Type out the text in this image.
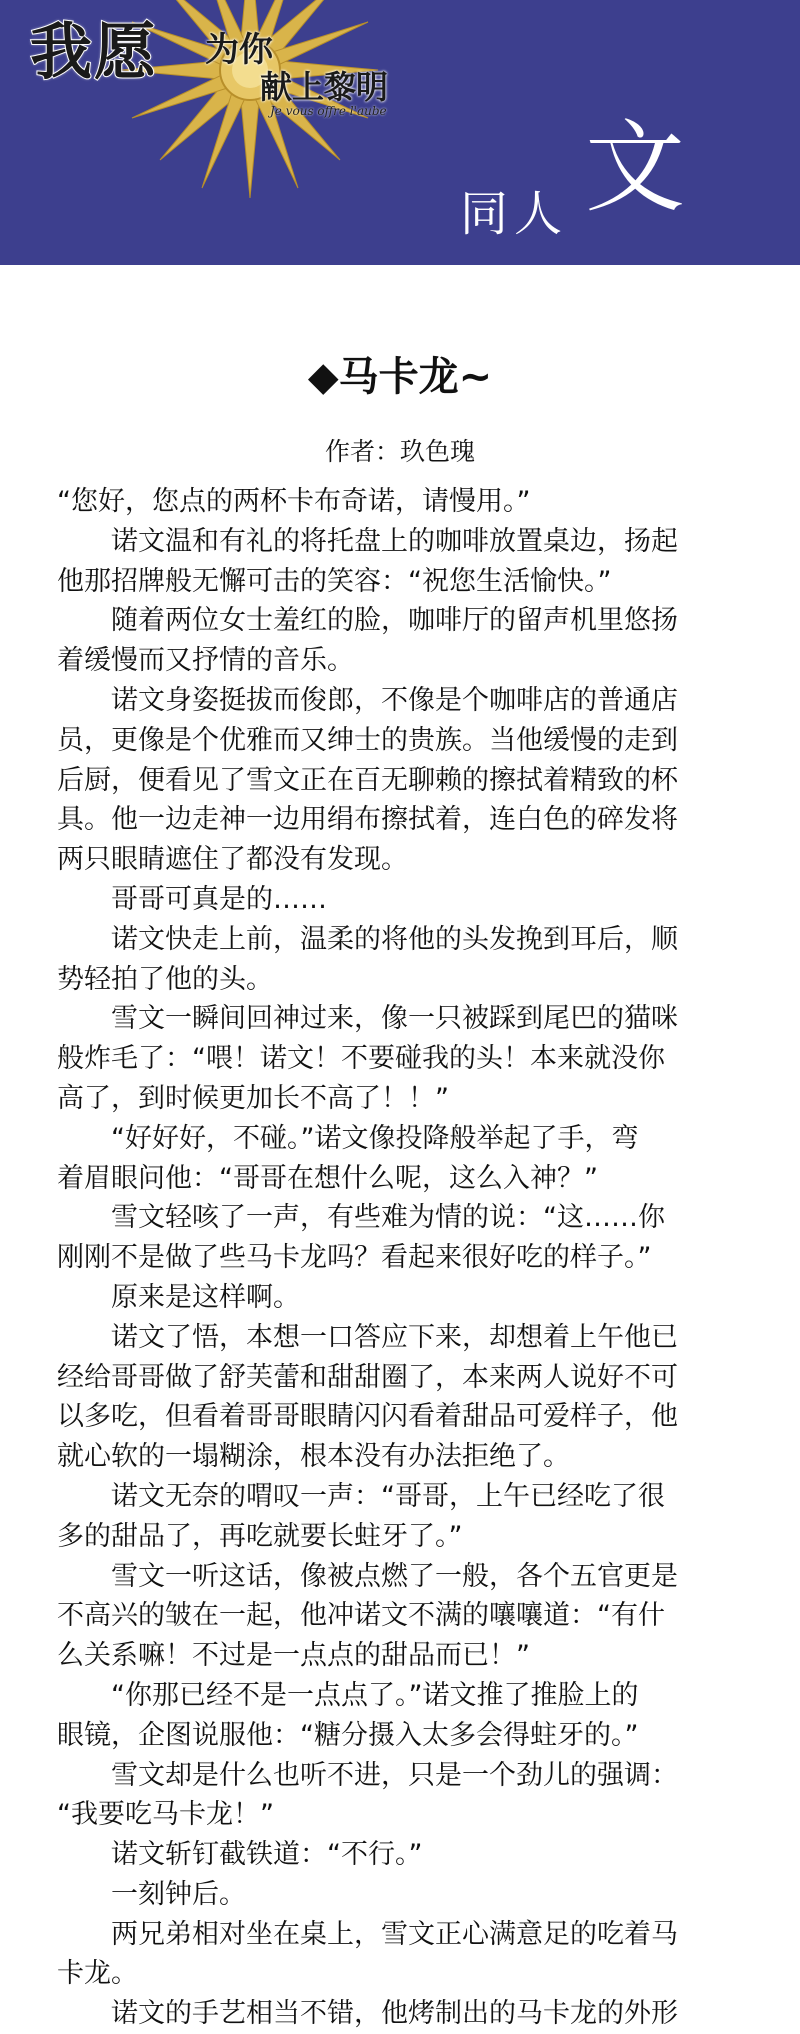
我愿 为你
献上黎明
Je vous offre l'aube
同人 文
◆马卡龙~
作者：玖色瑰
“您好，您点的两杯卡布奇诺，请慢用。”
　　诺文温和有礼的将托盘上的咖啡放置桌边，扬起
他那招牌般无懈可击的笑容：“祝您生活愉快。”
　　随着两位女士羞红的脸，咖啡厅的留声机里悠扬
着缓慢而又抒情的音乐。
　　诺文身姿挺拔而俊郎，不像是个咖啡店的普通店
员，更像是个优雅而又绅士的贵族。当他缓慢的走到
后厨，便看见了雪文正在百无聊赖的擦拭着精致的杯
具。他一边走神一边用绢布擦拭着，连白色的碎发将
两只眼睛遮住了都没有发现。
　　哥哥可真是的……
　　诺文快走上前，温柔的将他的头发挽到耳后，顺
势轻拍了他的头。
　　雪文一瞬间回神过来，像一只被踩到尾巴的猫咪
般炸毛了：“喂！诺文！不要碰我的头！本来就没你
高了，到时候更加长不高了！！”
　　“好好好，不碰。”诺文像投降般举起了手，弯
着眉眼问他：“哥哥在想什么呢，这么入神？”
　　雪文轻咳了一声，有些难为情的说：“这……你
刚刚不是做了些马卡龙吗？看起来很好吃的样子。”
　　原来是这样啊。
　　诺文了悟，本想一口答应下来，却想着上午他已
经给哥哥做了舒芙蕾和甜甜圈了，本来两人说好不可
以多吃，但看着哥哥眼睛闪闪看着甜品可爱样子，他
就心软的一塌糊涂，根本没有办法拒绝了。
　　诺文无奈的喟叹一声：“哥哥，上午已经吃了很
多的甜品了，再吃就要长蛀牙了。”
　　雪文一听这话，像被点燃了一般，各个五官更是
不高兴的皱在一起，他冲诺文不满的嚷嚷道：“有什
么关系嘛！不过是一点点的甜品而已！”
　　“你那已经不是一点点了。”诺文推了推脸上的
眼镜，企图说服他：“糖分摄入太多会得蛀牙的。”
　　雪文却是什么也听不进，只是一个劲儿的强调：
“我要吃马卡龙！”
　　诺文斩钉截铁道：“不行。”
　　一刻钟后。
　　两兄弟相对坐在桌上，雪文正心满意足的吃着马
卡龙。
　　诺文的手艺相当不错，他烤制出的马卡龙的外形
